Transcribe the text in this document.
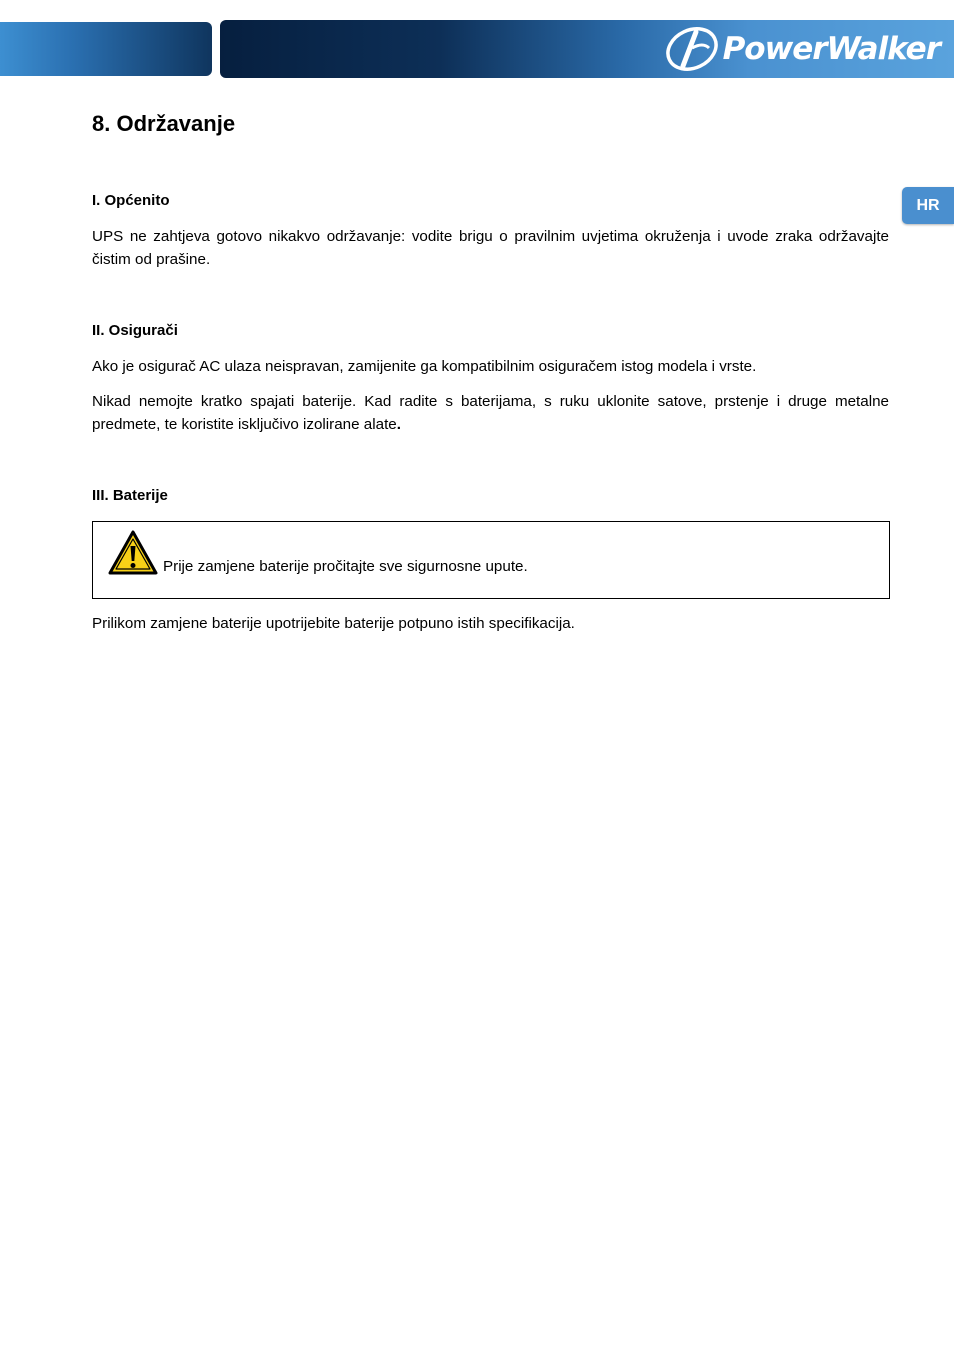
PowerWalker
HR
8. Održavanje
I. Općenito

UPS ne zahtjeva gotovo nikakvo održavanje: vodite brigu o pravilnim uvjetima okruženja i uvode zraka održavajte čistim od prašine.

II. Osigurači

Ako je osigurač AC ulaza neispravan, zamijenite ga kompatibilnim osiguračem istog modela i vrste.

Nikad nemojte kratko spajati baterije. Kad radite s baterijama, s ruku uklonite satove, prstenje i druge metalne predmete, te koristite isključivo izolirane alate.

III. Baterije
Prije zamjene baterije pročitajte sve sigurnosne upute.

Prilikom zamjene baterije upotrijebite baterije potpuno istih specifikacija.
